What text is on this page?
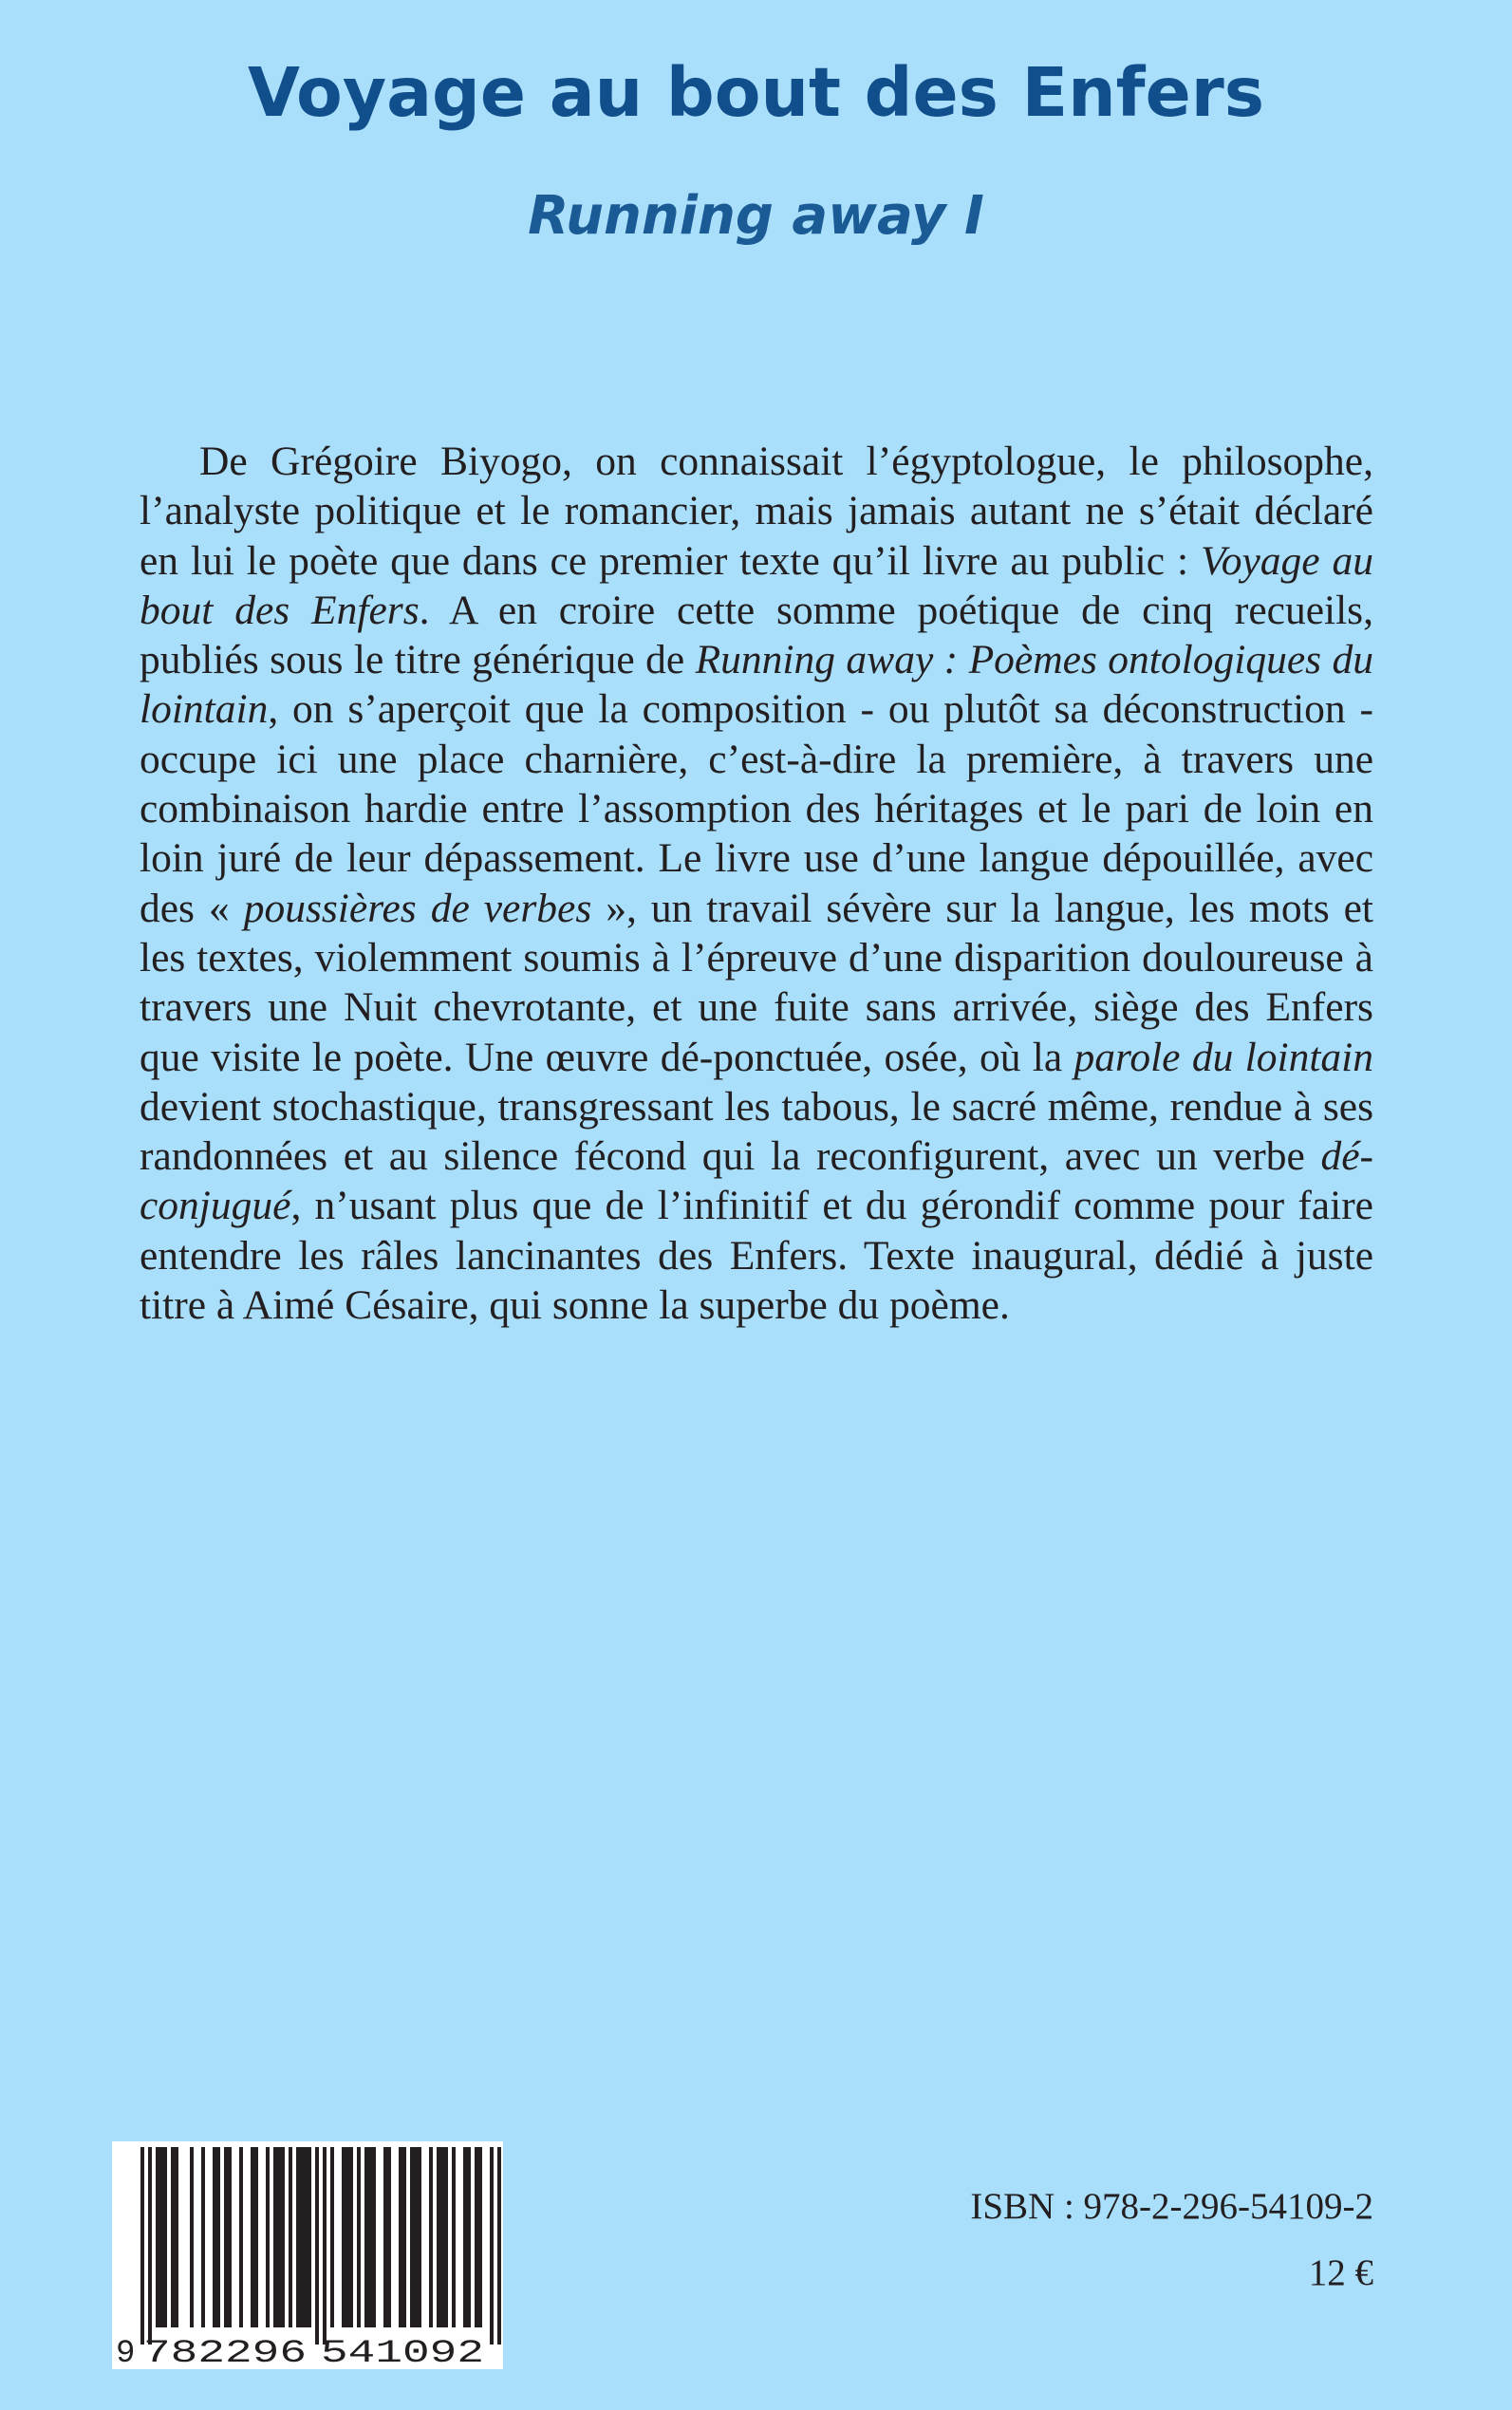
Voyage au bout des Enfers
Running away I

De Grégoire Biyogo, on connaissait l’égyptologue, le philosophe, l’analyste politique et le romancier, mais jamais autant ne s’était déclaré en lui le poète que dans ce premier texte qu’il livre au public : Voyage au bout des Enfers. A en croire cette somme poétique de cinq recueils, publiés sous le titre générique de Running away : Poèmes ontologiques du lointain, on s’aperçoit que la composition - ou plutôt sa déconstruction - occupe ici une place charnière, c’est-à-dire la première, à travers une combinaison hardie entre l’assomption des héritages et le pari de loin en loin juré de leur dépassement. Le livre use d’une langue dépouillée, avec des « poussières de verbes », un travail sévère sur la langue, les mots et les textes, violemment soumis à l’épreuve d’une disparition douloureuse à travers une Nuit chevrotante, et une fuite sans arrivée, siège des Enfers que visite le poète. Une œuvre dé-ponctuée, osée, où la parole du lointain devient stochastique, transgressant les tabous, le sacré même, rendue à ses randonnées et au silence fécond qui la reconfigurent, avec un verbe dé-conjugué, n’usant plus que de l’infinitif et du gérondif comme pour faire entendre les râles lancinantes des Enfers. Texte inaugural, dédié à juste titre à Aimé Césaire, qui sonne la superbe du poème.

9 782296 541092

ISBN : 978-2-296-54109-2

12 €
